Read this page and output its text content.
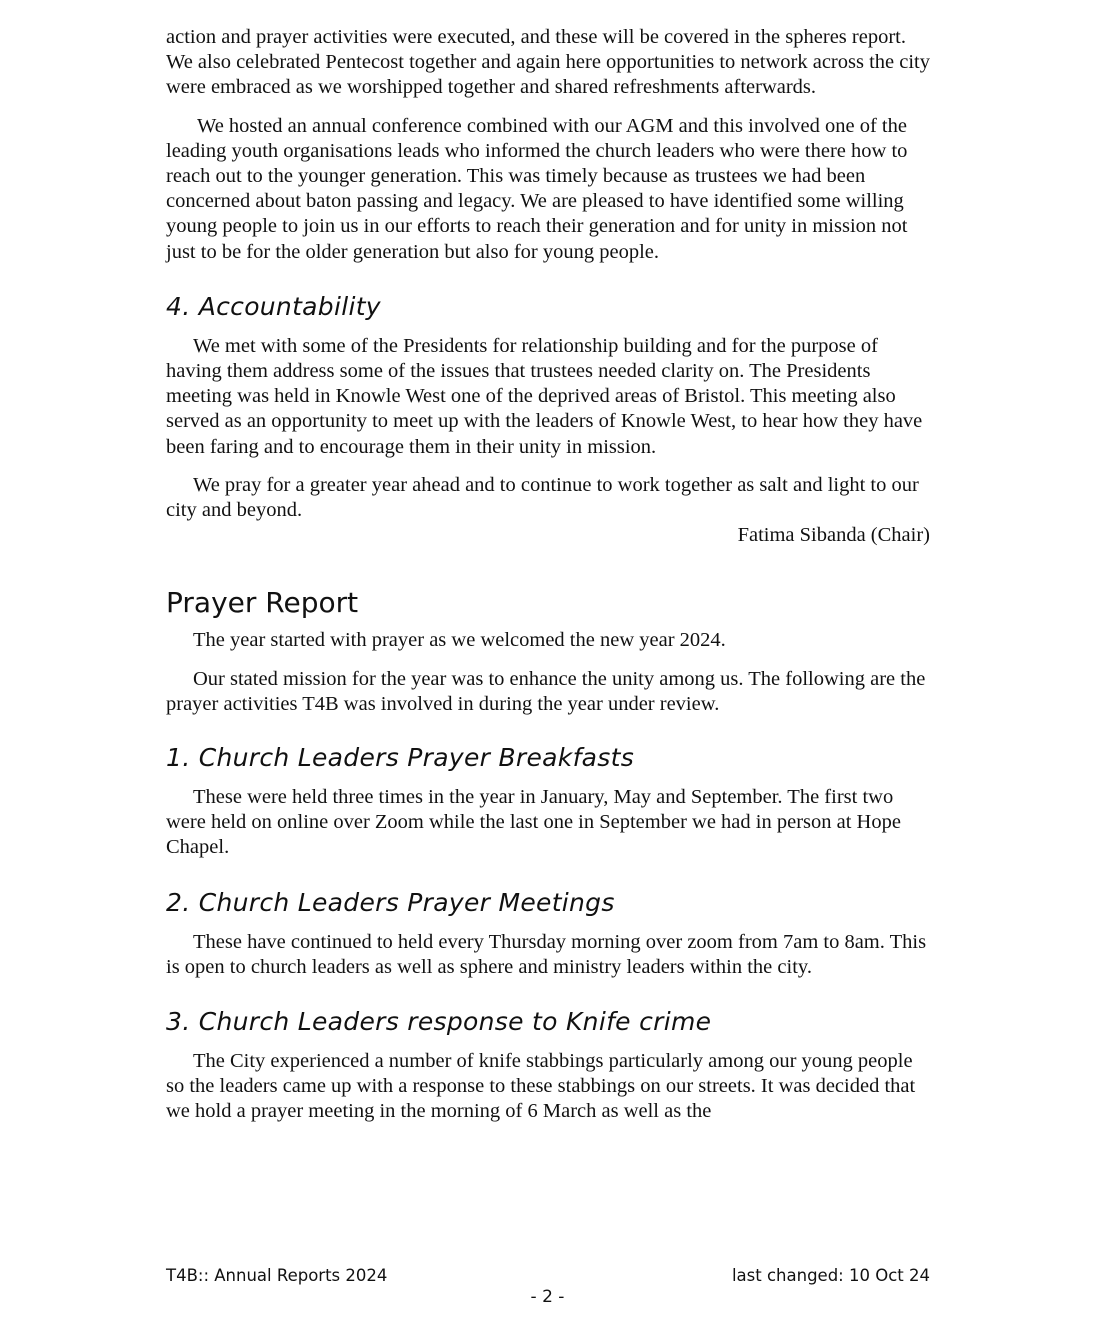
action and prayer activities were executed, and these will be covered in the spheres report. We also celebrated Pentecost together and again here opportunities to network across the city were embraced as we worshipped together and shared refreshments afterwards.

We hosted an annual conference combined with our AGM and this involved one of the leading youth organisations leads who informed the church leaders who were there how to reach out to the younger generation. This was timely because as trustees we had been concerned about baton passing and legacy. We are pleased to have identified some willing young people to join us in our efforts to reach their generation and for unity in mission not just to be for the older generation but also for young people.

4. Accountability

We met with some of the Presidents for relationship building and for the purpose of having them address some of the issues that trustees needed clarity on. The Presidents meeting was held in Knowle West one of the deprived areas of Bristol. This meeting also served as an opportunity to meet up with the leaders of Knowle West, to hear how they have been faring and to encourage them in their unity in mission.

We pray for a greater year ahead and to continue to work together as salt and light to our city and beyond.

Fatima Sibanda (Chair)

Prayer Report

The year started with prayer as we welcomed the new year 2024.

Our stated mission for the year was to enhance the unity among us. The following are the prayer activities T4B was involved in during the year under review.

1. Church Leaders Prayer Breakfasts

These were held three times in the year in January, May and September. The first two were held on online over Zoom while the last one in September we had in person at Hope Chapel.

2. Church Leaders Prayer Meetings

These have continued to held every Thursday morning over zoom from 7am to 8am. This is open to church leaders as well as sphere and ministry leaders within the city.

3. Church Leaders response to Knife crime

The City experienced a number of knife stabbings particularly among our young people so the leaders came up with a response to these stabbings on our streets. It was decided that we hold a prayer meeting in the morning of 6 March as well as the

T4B:: Annual Reports 2024	last changed: 10 Oct 24
- 2 -
